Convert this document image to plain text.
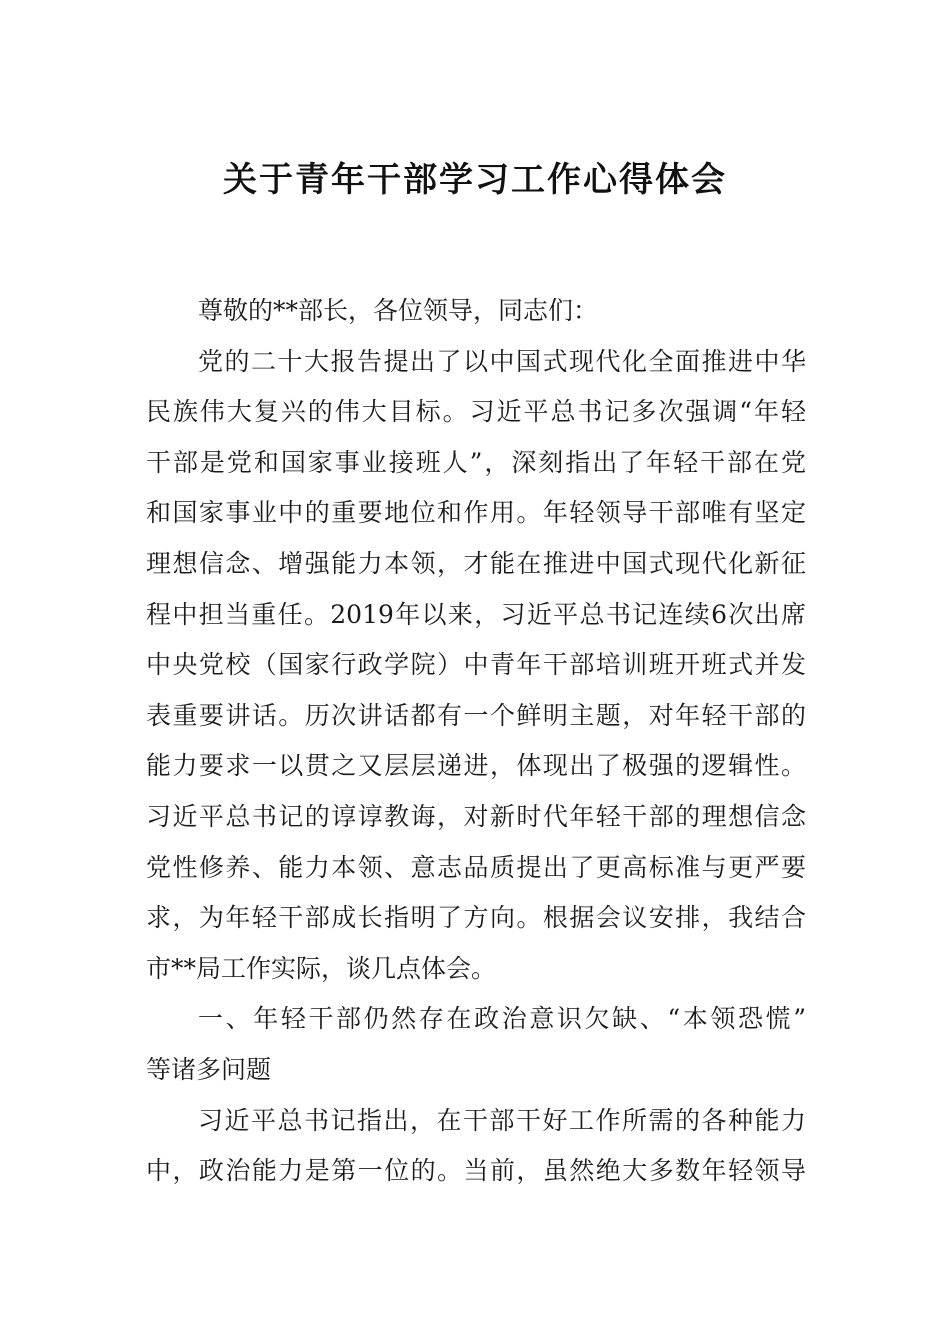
关于青年干部学习工作心得体会
尊敬的**部长，各位领导，同志们：
党的二十大报告提出了以中国式现代化全面推进中华
民族伟大复兴的伟大目标。习近平总书记多次强调“年轻
干部是党和国家事业接班人”，深刻指出了年轻干部在党
和国家事业中的重要地位和作用。年轻领导干部唯有坚定
理想信念、增强能力本领，才能在推进中国式现代化新征
程中担当重任。2019年以来，习近平总书记连续6次出席
中央党校（国家行政学院）中青年干部培训班开班式并发
表重要讲话。历次讲话都有一个鲜明主题，对年轻干部的
能力要求一以贯之又层层递进，体现出了极强的逻辑性。
习近平总书记的谆谆教诲，对新时代年轻干部的理想信念
党性修养、能力本领、意志品质提出了更高标准与更严要
求，为年轻干部成长指明了方向。根据会议安排，我结合
市**局工作实际，谈几点体会。
一、年轻干部仍然存在政治意识欠缺、“本领恐慌”
等诸多问题
习近平总书记指出，在干部干好工作所需的各种能力
中，政治能力是第一位的。当前，虽然绝大多数年轻领导
